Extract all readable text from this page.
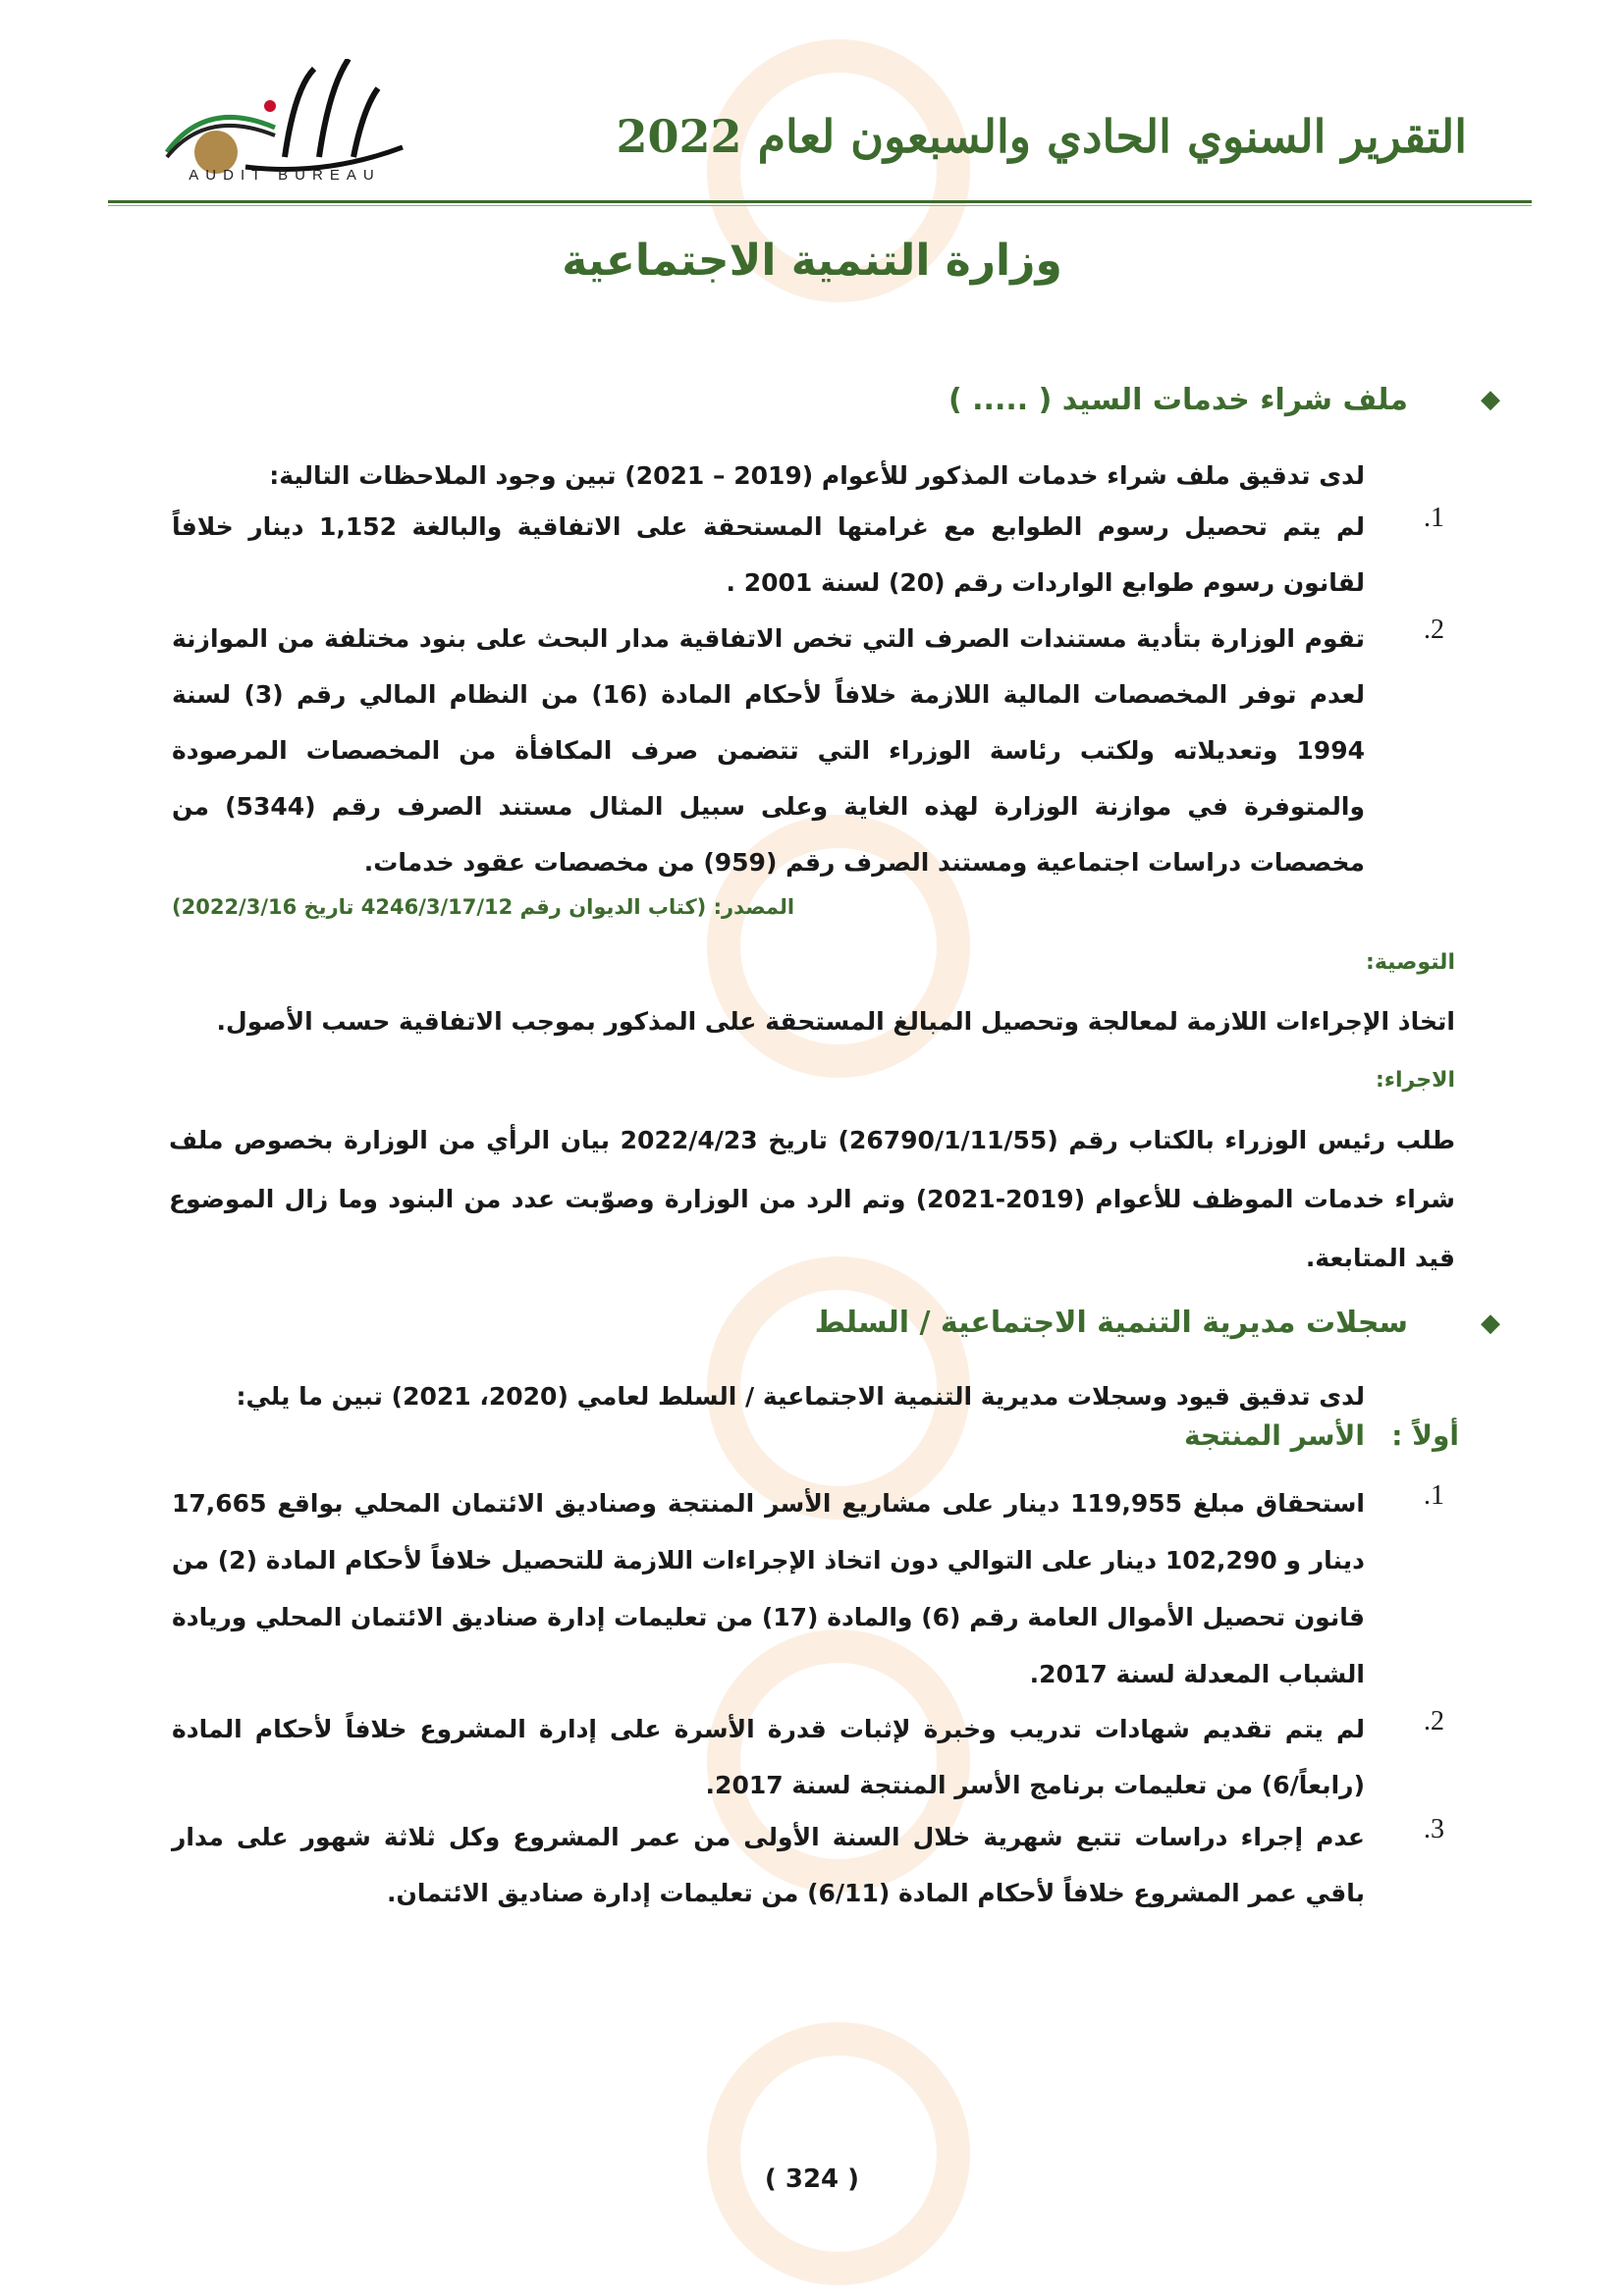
AUDIT BUREAU
التقرير السنوي الحادي والسبعون لعام 2022
وزارة التنمية الاجتماعية
◆
ملف شراء خدمات السيد ( ..... )
لدى تدقيق ملف شراء خدمات المذكور للأعوام (2019 – 2021) تبين وجود الملاحظات التالية:
.1
لم يتم تحصيل رسوم الطوابع مع غرامتها المستحقة على الاتفاقية والبالغة 1,152 دينار خلافاً لقانون رسوم طوابع الواردات رقم (20) لسنة 2001 .
.2
تقوم الوزارة بتأدية مستندات الصرف التي تخص الاتفاقية مدار البحث على بنود مختلفة من الموازنة لعدم توفر المخصصات المالية اللازمة خلافاً لأحكام المادة (16) من النظام المالي رقم (3) لسنة 1994 وتعديلاته ولكتب رئاسة الوزراء التي تتضمن صرف المكافأة من المخصصات المرصودة والمتوفرة في موازنة الوزارة لهذه الغاية وعلى سبيل المثال مستند الصرف رقم (5344) من مخصصات دراسات اجتماعية ومستند الصرف رقم (959) من مخصصات عقود خدمات.
المصدر: (كتاب الديوان رقم 4246/3/17/12 تاريخ 2022/3/16)
التوصية:
اتخاذ الإجراءات اللازمة لمعالجة وتحصيل المبالغ المستحقة على المذكور بموجب الاتفاقية حسب الأصول.
الاجراء:
طلب رئيس الوزراء بالكتاب رقم (26790/1/11/55) تاريخ 2022/4/23 بيان الرأي من الوزارة بخصوص ملف شراء خدمات الموظف للأعوام (2019-2021) وتم الرد من الوزارة وصوّبت عدد من البنود وما زال الموضوع قيد المتابعة.
◆
سجلات مديرية التنمية الاجتماعية / السلط
لدى تدقيق قيود وسجلات مديرية التنمية الاجتماعية / السلط لعامي (2020، 2021) تبين ما يلي:
أولاً :
الأسر المنتجة
.1
استحقاق مبلغ 119,955 دينار على مشاريع الأسر المنتجة وصناديق الائتمان المحلي بواقع 17,665 دينار و 102,290 دينار على التوالي دون اتخاذ الإجراءات اللازمة للتحصيل خلافاً لأحكام المادة (2) من قانون تحصيل الأموال العامة رقم (6) والمادة (17) من تعليمات إدارة صناديق الائتمان المحلي وريادة الشباب المعدلة لسنة 2017.
.2
لم يتم تقديم شهادات تدريب وخبرة لإثبات قدرة الأسرة على إدارة المشروع خلافاً لأحكام المادة (رابعاً/6) من تعليمات برنامج الأسر المنتجة لسنة 2017.
.3
عدم إجراء دراسات تتبع شهرية خلال السنة الأولى من عمر المشروع وكل ثلاثة شهور على مدار باقي عمر المشروع خلافاً لأحكام المادة (6/11) من تعليمات إدارة صناديق الائتمان.
( 324 )
